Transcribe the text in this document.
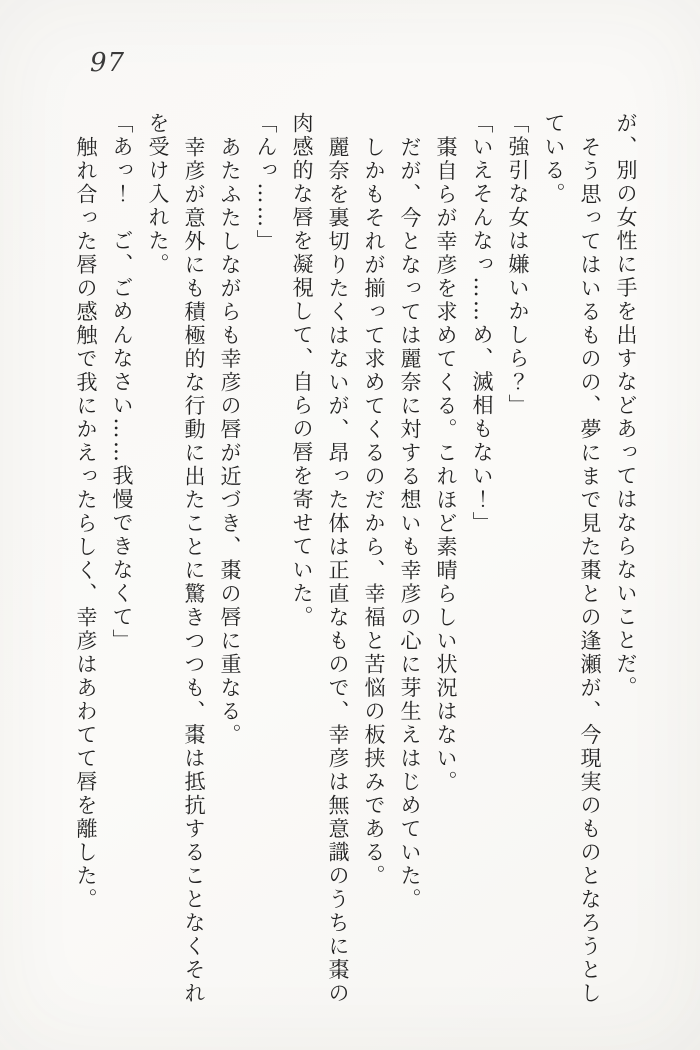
97
が、別の女性に手を出すなどあってはならないことだ。
そう思ってはいるものの、夢にまで見た棗との逢瀬が、今現実のものとなろうとし
ている。
「強引な女は嫌いかしら？」
「いえそんなっ……め、滅相もない！」
棗自らが幸彦を求めてくる。これほど素晴らしい状況はない。
だが、今となっては麗奈に対する想いも幸彦の心に芽生えはじめていた。
しかもそれが揃って求めてくるのだから、幸福と苦悩の板挟みである。
麗奈を裏切りたくはないが、昂った体は正直なもので、幸彦は無意識のうちに棗の
肉感的な唇を凝視して、自らの唇を寄せていた。
「んっ……」
あたふたしながらも幸彦の唇が近づき、棗の唇に重なる。
幸彦が意外にも積極的な行動に出たことに驚きつつも、棗は抵抗することなくそれ
を受け入れた。
「あっ！　ご、ごめんなさい……我慢できなくて」
触れ合った唇の感触で我にかえったらしく、幸彦はあわてて唇を離した。
